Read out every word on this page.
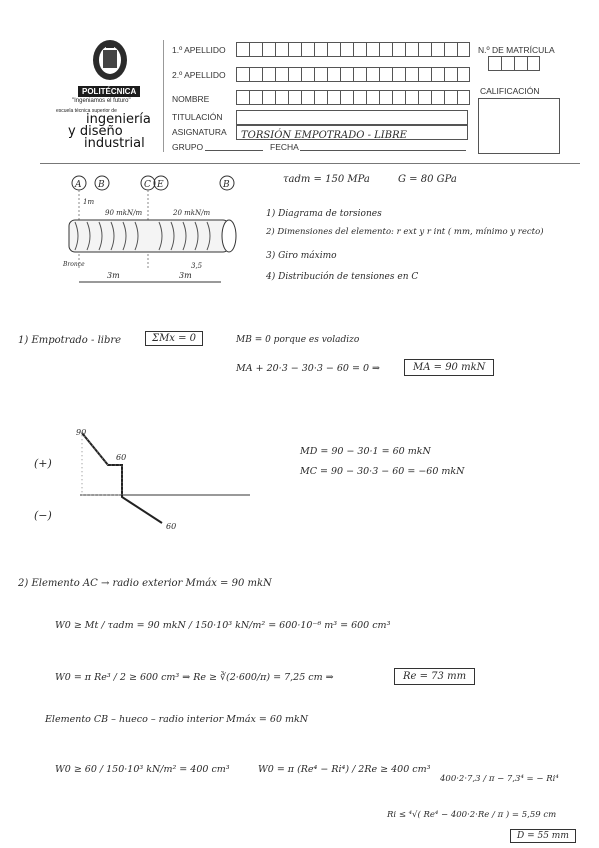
POLITÉCNICA
"Ingeniamos el futuro"
escuela técnica superior de
ingeniería
y diseño
industrial
1.º APELLIDO
2.º APELLIDO
NOMBRE
TITULACIÓN
ASIGNATURA	TORSIÓN EMPOTRADO - LIBRE
GRUPO	FECHA
N.º DE MATRÍCULA
CALIFICACIÓN
A B	C E	B
1m
90 mkN/m	20 mkN/m
Bronce	3,5
3m	3m
τadm = 150 MPa	G = 80 GPa
1) Diagrama de torsiones
2) Dimensiones del elemento: r ext y r int ( mm, mínimo y recto)
3) Giro máximo
4) Distribución de tensiones en C
1) Empotrado - libre	ΣMx = 0	MB = 0 porque es voladizo
MA + 20·3 − 30·3 − 60 = 0 ⇒	MA = 90 mkN
90
60
60
(+)
(−)
MD = 90 − 30·1 = 60 mkN
MC = 90 − 30·3 − 60 = −60 mkN
2) Elemento AC → radio exterior Mmáx = 90 mkN
W0 ≥ Mt / τadm = 90 mkN / 150·10³ kN/m² = 600·10⁻⁶ m³ = 600 cm³
W0 = π Re³ / 2 ≥ 600 cm³ ⇒ Re ≥ ∛(2·600/π) = 7,25 cm ⇒	Re = 73 mm
Elemento CB – hueco – radio interior Mmáx = 60 mkN
W0 ≥ 60 / 150·10³ kN/m² = 400 cm³	W0 = π (Re⁴ − Ri⁴) / 2Re ≥ 400 cm³
400·2·7,3 / π − 7,3⁴ = − Ri⁴
Ri ≤ ⁴√( Re⁴ − 400·2·Re / π ) = 5,59 cm
D = 55 mm
